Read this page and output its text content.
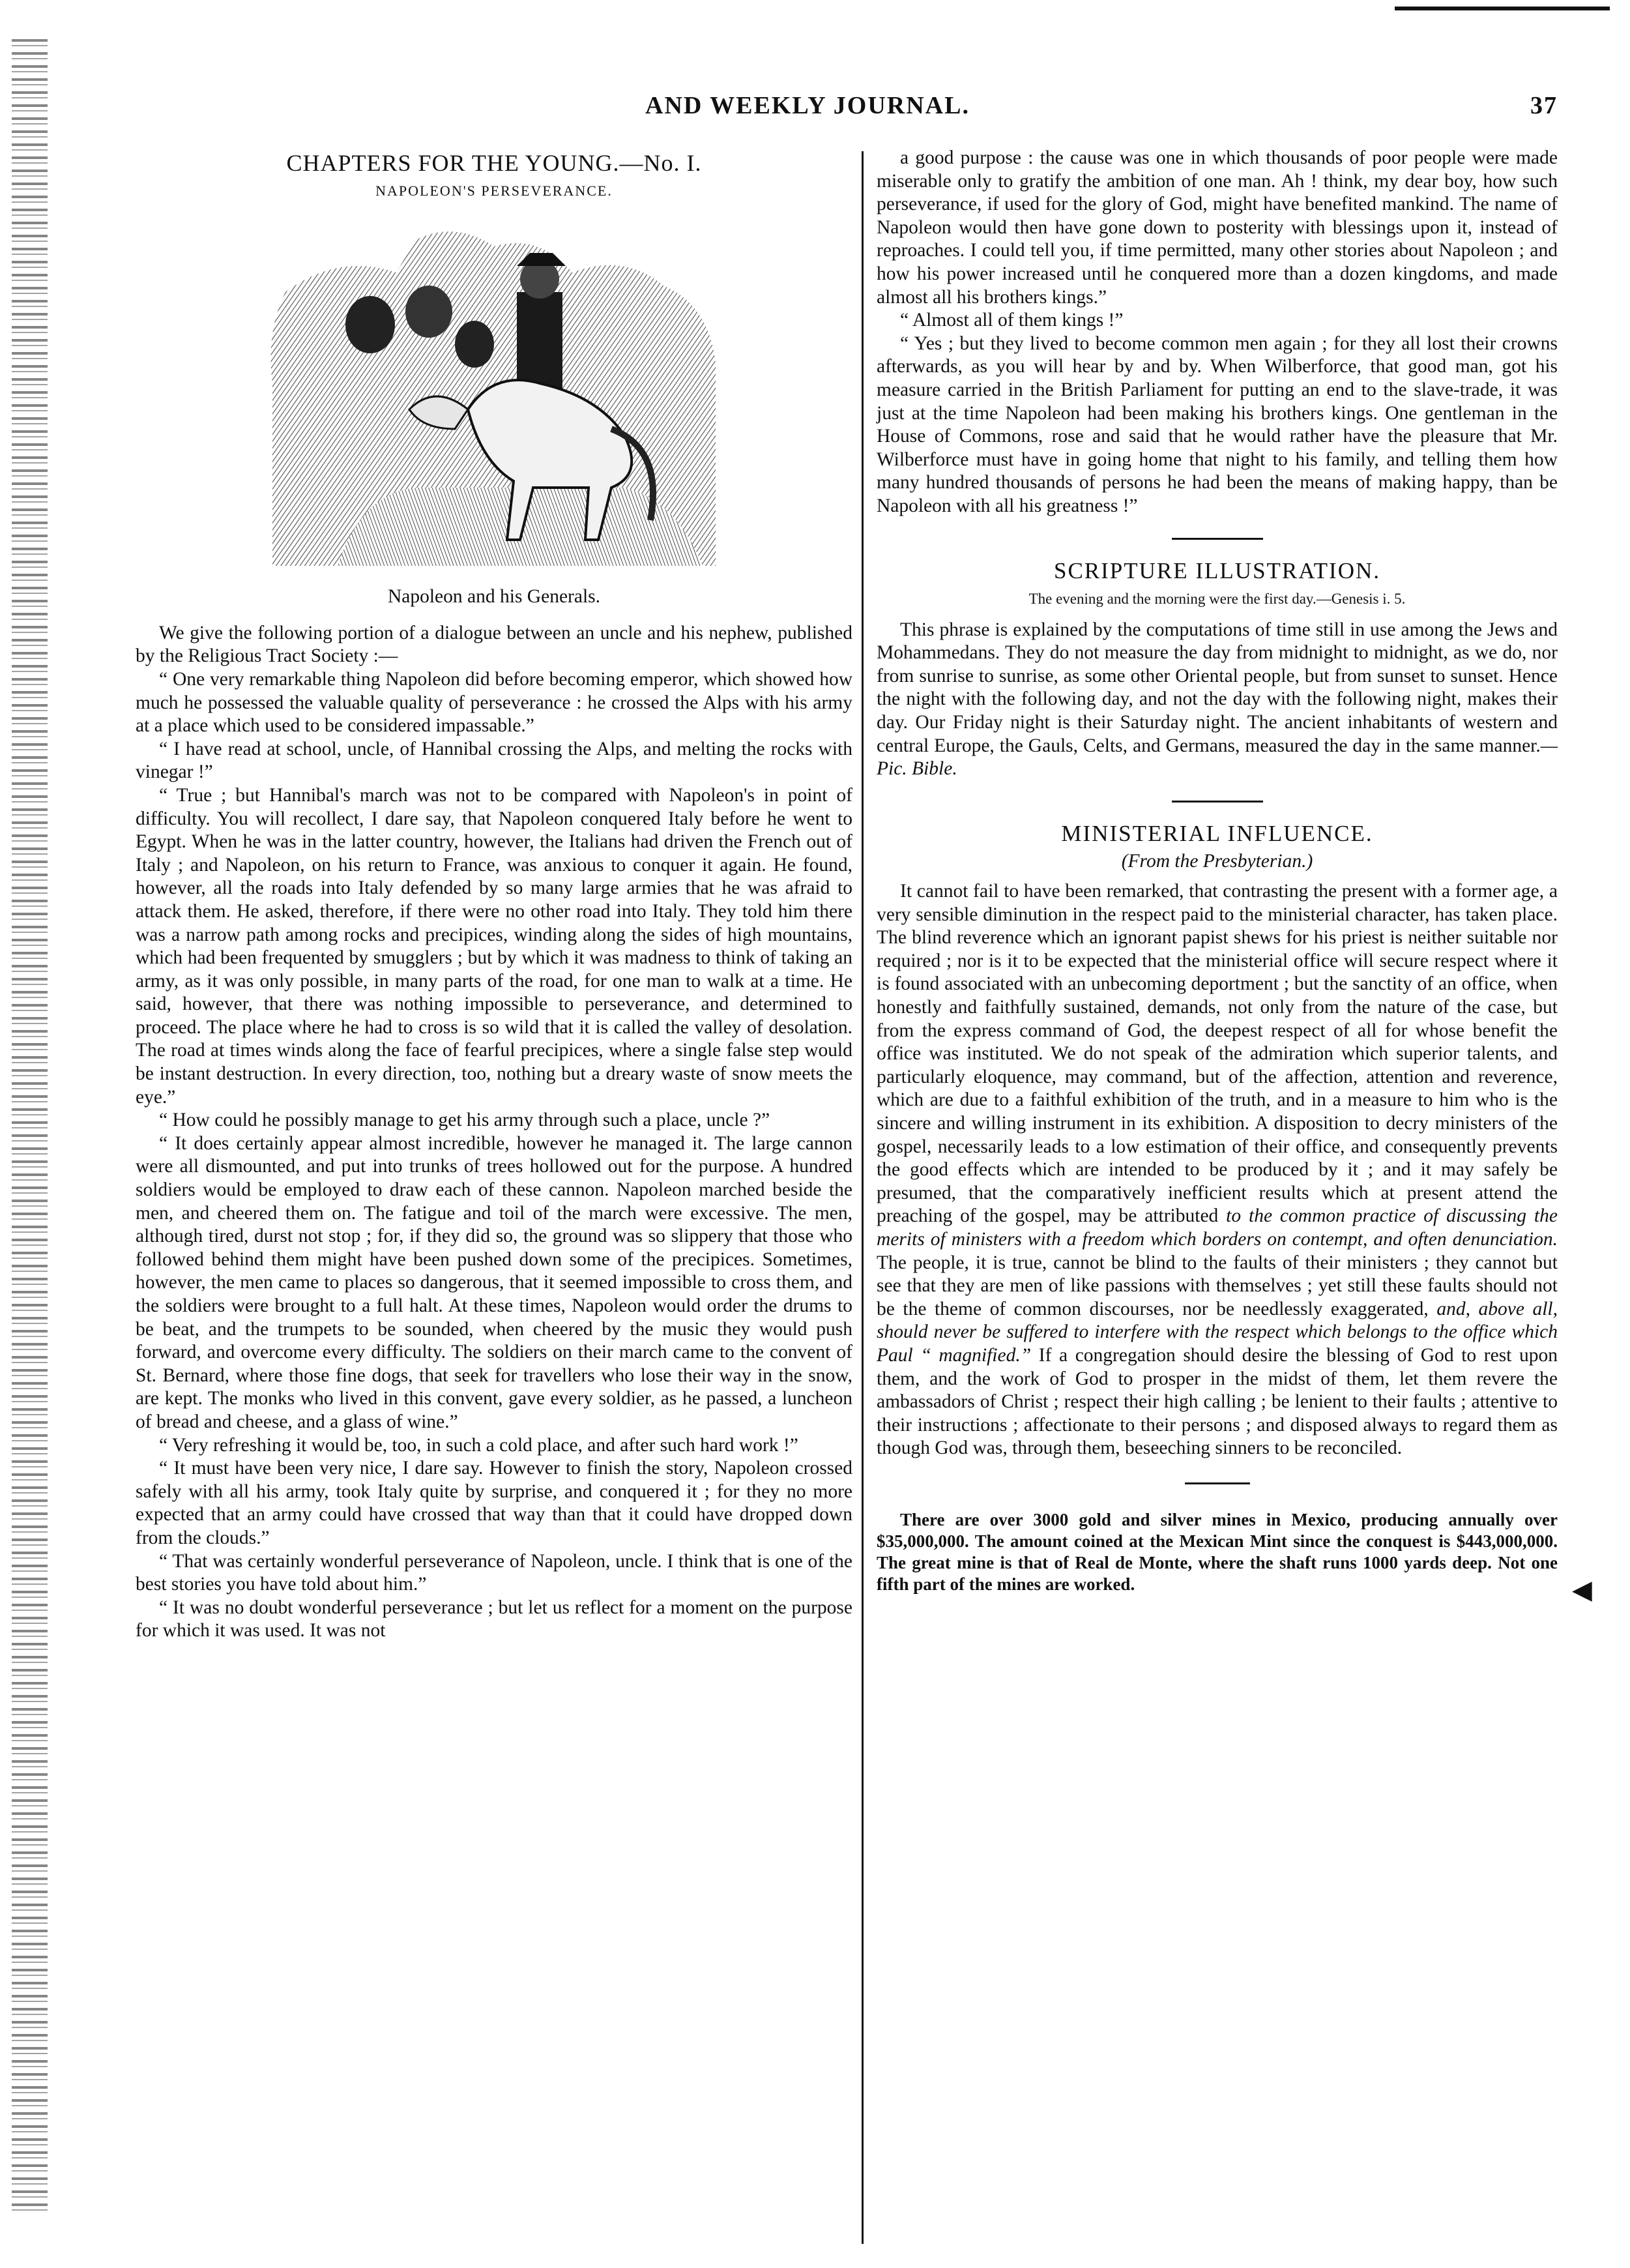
AND WEEKLY JOURNAL.	37
CHAPTERS FOR THE YOUNG.—No. I.
NAPOLEON'S PERSEVERANCE.
Napoleon and his Generals.

We give the following portion of a dialogue between an uncle and his nephew, published by the Religious Tract Society :—

“ One very remarkable thing Napoleon did before becoming emperor, which showed how much he possessed the valuable quality of perseverance : he crossed the Alps with his army at a place which used to be considered impassable.”

“ I have read at school, uncle, of Hannibal crossing the Alps, and melting the rocks with vinegar !”

“ True ; but Hannibal's march was not to be compared with Napoleon's in point of difficulty. You will recollect, I dare say, that Napoleon conquered Italy before he went to Egypt. When he was in the latter country, however, the Italians had driven the French out of Italy ; and Napoleon, on his return to France, was anxious to conquer it again. He found, however, all the roads into Italy defended by so many large armies that he was afraid to attack them. He asked, therefore, if there were no other road into Italy. They told him there was a narrow path among rocks and precipices, winding along the sides of high mountains, which had been frequented by smugglers ; but by which it was madness to think of taking an army, as it was only possible, in many parts of the road, for one man to walk at a time. He said, however, that there was nothing impossible to perseverance, and determined to proceed. The place where he had to cross is so wild that it is called the valley of desolation. The road at times winds along the face of fearful precipices, where a single false step would be instant destruction. In every direction, too, nothing but a dreary waste of snow meets the eye.”

“ How could he possibly manage to get his army through such a place, uncle ?”

“ It does certainly appear almost incredible, however he managed it. The large cannon were all dismounted, and put into trunks of trees hollowed out for the purpose. A hundred soldiers would be employed to draw each of these cannon. Napoleon marched beside the men, and cheered them on. The fatigue and toil of the march were excessive. The men, although tired, durst not stop ; for, if they did so, the ground was so slippery that those who followed behind them might have been pushed down some of the precipices. Sometimes, however, the men came to places so dangerous, that it seemed impossible to cross them, and the soldiers were brought to a full halt. At these times, Napoleon would order the drums to be beat, and the trumpets to be sounded, when cheered by the music they would push forward, and overcome every difficulty. The soldiers on their march came to the convent of St. Bernard, where those fine dogs, that seek for travellers who lose their way in the snow, are kept. The monks who lived in this convent, gave every soldier, as he passed, a luncheon of bread and cheese, and a glass of wine.”

“ Very refreshing it would be, too, in such a cold place, and after such hard work !”

“ It must have been very nice, I dare say. However to finish the story, Napoleon crossed safely with all his army, took Italy quite by surprise, and conquered it ; for they no more expected that an army could have crossed that way than that it could have dropped down from the clouds.”

“ That was certainly wonderful perseverance of Napoleon, uncle. I think that is one of the best stories you have told about him.”

“ It was no doubt wonderful perseverance ; but let us reflect for a moment on the purpose for which it was used. It was not

a good purpose : the cause was one in which thousands of poor people were made miserable only to gratify the ambition of one man. Ah ! think, my dear boy, how such perseverance, if used for the glory of God, might have benefited mankind. The name of Napoleon would then have gone down to posterity with blessings upon it, instead of reproaches. I could tell you, if time permitted, many other stories about Napoleon ; and how his power increased until he conquered more than a dozen kingdoms, and made almost all his brothers kings.”

“ Almost all of them kings !”

“ Yes ; but they lived to become common men again ; for they all lost their crowns afterwards, as you will hear by and by. When Wilberforce, that good man, got his measure carried in the British Parliament for putting an end to the slave-trade, it was just at the time Napoleon had been making his brothers kings. One gentleman in the House of Commons, rose and said that he would rather have the pleasure that Mr. Wilberforce must have in going home that night to his family, and telling them how many hundred thousands of persons he had been the means of making happy, than be Napoleon with all his greatness !”

SCRIPTURE ILLUSTRATION.
The evening and the morning were the first day.—Genesis i. 5.

This phrase is explained by the computations of time still in use among the Jews and Mohammedans. They do not measure the day from midnight to midnight, as we do, nor from sunrise to sunrise, as some other Oriental people, but from sunset to sunset. Hence the night with the following day, and not the day with the following night, makes their day. Our Friday night is their Saturday night. The ancient inhabitants of western and central Europe, the Gauls, Celts, and Germans, measured the day in the same manner.—Pic. Bible.

MINISTERIAL INFLUENCE.
(From the Presbyterian.)

It cannot fail to have been remarked, that contrasting the present with a former age, a very sensible diminution in the respect paid to the ministerial character, has taken place. The blind reverence which an ignorant papist shews for his priest is neither suitable nor required ; nor is it to be expected that the ministerial office will secure respect where it is found associated with an unbecoming deportment ; but the sanctity of an office, when honestly and faithfully sustained, demands, not only from the nature of the case, but from the express command of God, the deepest respect of all for whose benefit the office was instituted. We do not speak of the admiration which superior talents, and particularly eloquence, may command, but of the affection, attention and reverence, which are due to a faithful exhibition of the truth, and in a measure to him who is the sincere and willing instrument in its exhibition. A disposition to decry ministers of the gospel, necessarily leads to a low estimation of their office, and consequently prevents the good effects which are intended to be produced by it ; and it may safely be presumed, that the comparatively inefficient results which at present attend the preaching of the gospel, may be attributed to the common practice of discussing the merits of ministers with a freedom which borders on contempt, and often denunciation. The people, it is true, cannot be blind to the faults of their ministers ; they cannot but see that they are men of like passions with themselves ; yet still these faults should not be the theme of common discourses, nor be needlessly exaggerated, and, above all, should never be suffered to interfere with the respect which belongs to the office which Paul “ magnified.” If a congregation should desire the blessing of God to rest upon them, and the work of God to prosper in the midst of them, let them revere the ambassadors of Christ ; respect their high calling ; be lenient to their faults ; attentive to their instructions ; affectionate to their persons ; and disposed always to regard them as though God was, through them, beseeching sinners to be reconciled.

There are over 3000 gold and silver mines in Mexico, producing annually over $35,000,000. The amount coined at the Mexican Mint since the conquest is $443,000,000. The great mine is that of Real de Monte, where the shaft runs 1000 yards deep. Not one fifth part of the mines are worked.	◀
